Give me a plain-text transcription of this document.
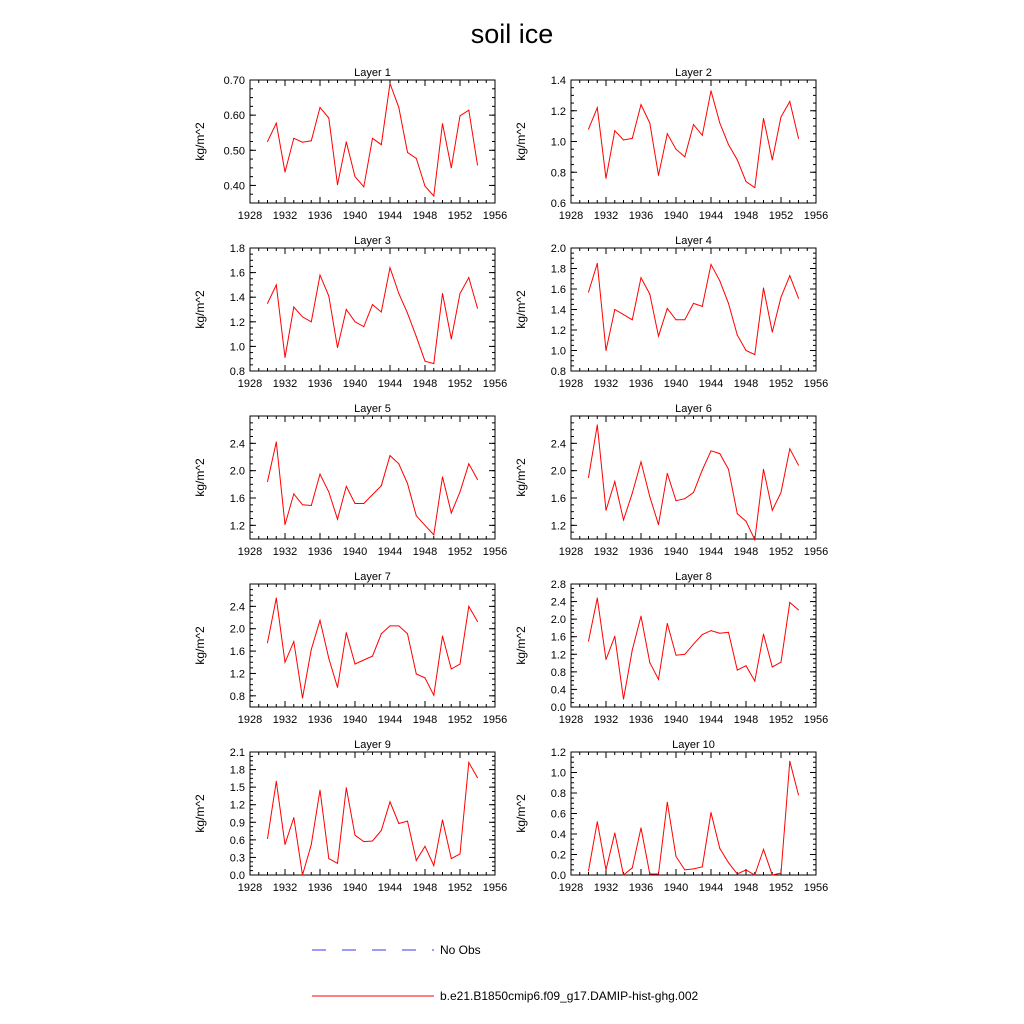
soil ice
Layer 1
kg/m^2
1928 1932 1936 1940 1944 1948 1952 1956
0.40
0.50
0.60
0.70
Layer 2
kg/m^2
1928 1932 1936 1940 1944 1948 1952 1956
0.6
0.8
1.0
1.2
1.4
Layer 3
kg/m^2
1928 1932 1936 1940 1944 1948 1952 1956
0.8
1.0
1.2
1.4
1.6
1.8
Layer 4
kg/m^2
1928 1932 1936 1940 1944 1948 1952 1956
0.8
1.0
1.2
1.4
1.6
1.8
2.0
Layer 5
kg/m^2
1928 1932 1936 1940 1944 1948 1952 1956
1.2
1.6
2.0
2.4
Layer 6
kg/m^2
1928 1932 1936 1940 1944 1948 1952 1956
1.2
1.6
2.0
2.4
Layer 7
kg/m^2
1928 1932 1936 1940 1944 1948 1952 1956
0.8
1.2
1.6
2.0
2.4
Layer 8
kg/m^2
1928 1932 1936 1940 1944 1948 1952 1956
0.0
0.4
0.8
1.2
1.6
2.0
2.4
2.8
Layer 9
kg/m^2
1928 1932 1936 1940 1944 1948 1952 1956
0.0
0.3
0.6
0.9
1.2
1.5
1.8
2.1
Layer 10
kg/m^2
1928 1932 1936 1940 1944 1948 1952 1956
0.0
0.2
0.4
0.6
0.8
1.0
1.2
No Obs
b.e21.B1850cmip6.f09_g17.DAMIP-hist-ghg.002
